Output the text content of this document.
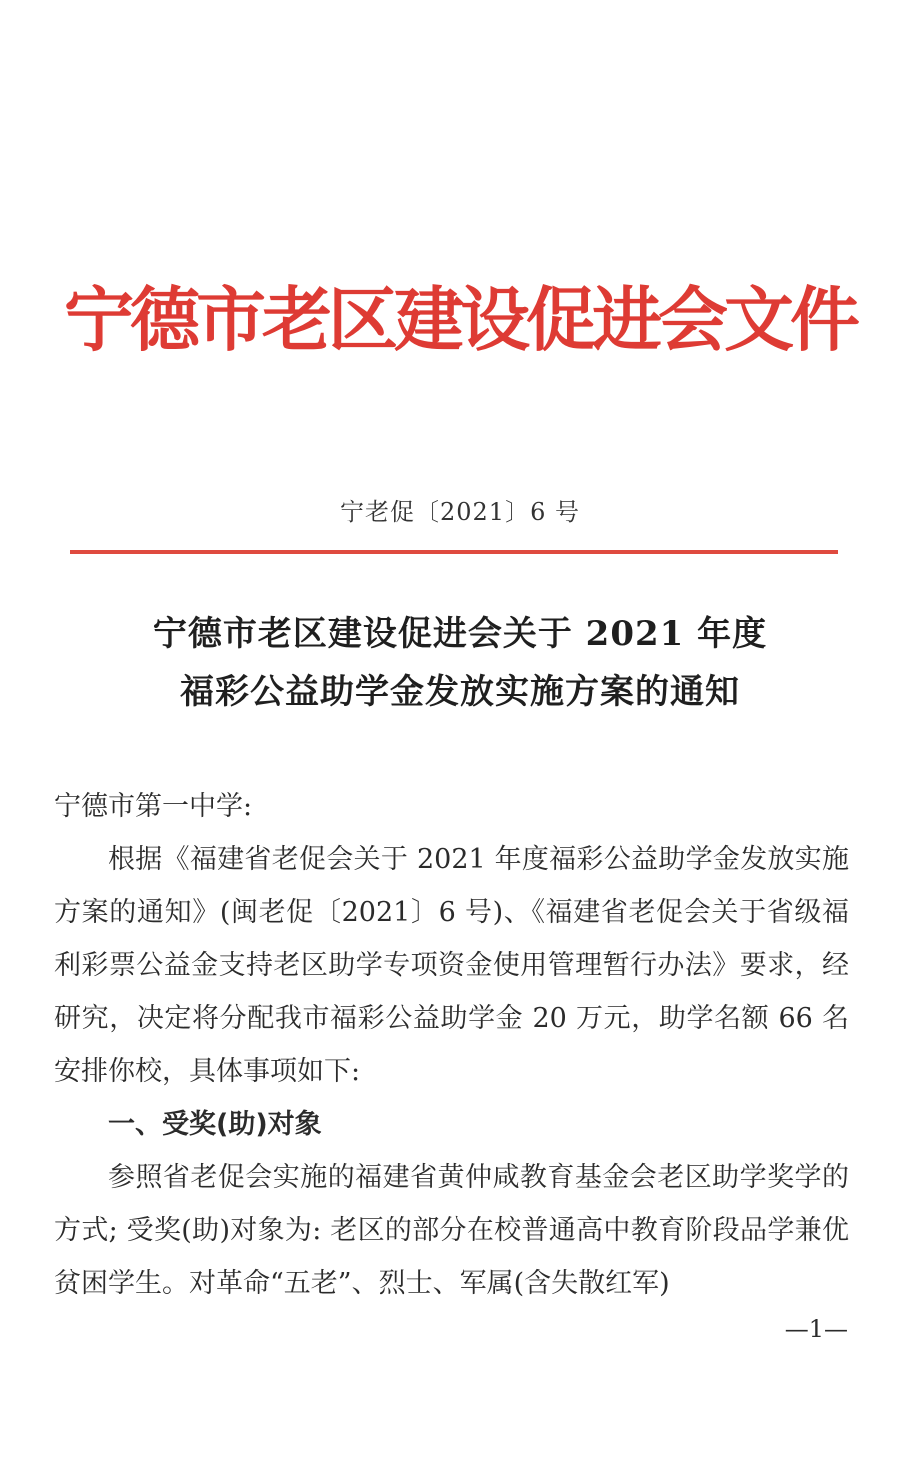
宁德市老区建设促进会文件
宁老促〔2021〕6 号
宁德市老区建设促进会关于 2021 年度
福彩公益助学金发放实施方案的通知

宁德市第一中学:

根据《福建省老促会关于 2021 年度福彩公益助学金发放实施方案的通知》(闽老促〔2021〕6 号)、《福建省老促会关于省级福利彩票公益金支持老区助学专项资金使用管理暂行办法》要求，经研究，决定将分配我市福彩公益助学金 20 万元，助学名额 66 名安排你校，具体事项如下:

一、受奖(助)对象

参照省老促会实施的福建省黄仲咸教育基金会老区助学奖学的方式; 受奖(助)对象为: 老区的部分在校普通高中教育阶段品学兼优贫困学生。对革命“五老”、烈士、军属(含失散红军)

—1—
